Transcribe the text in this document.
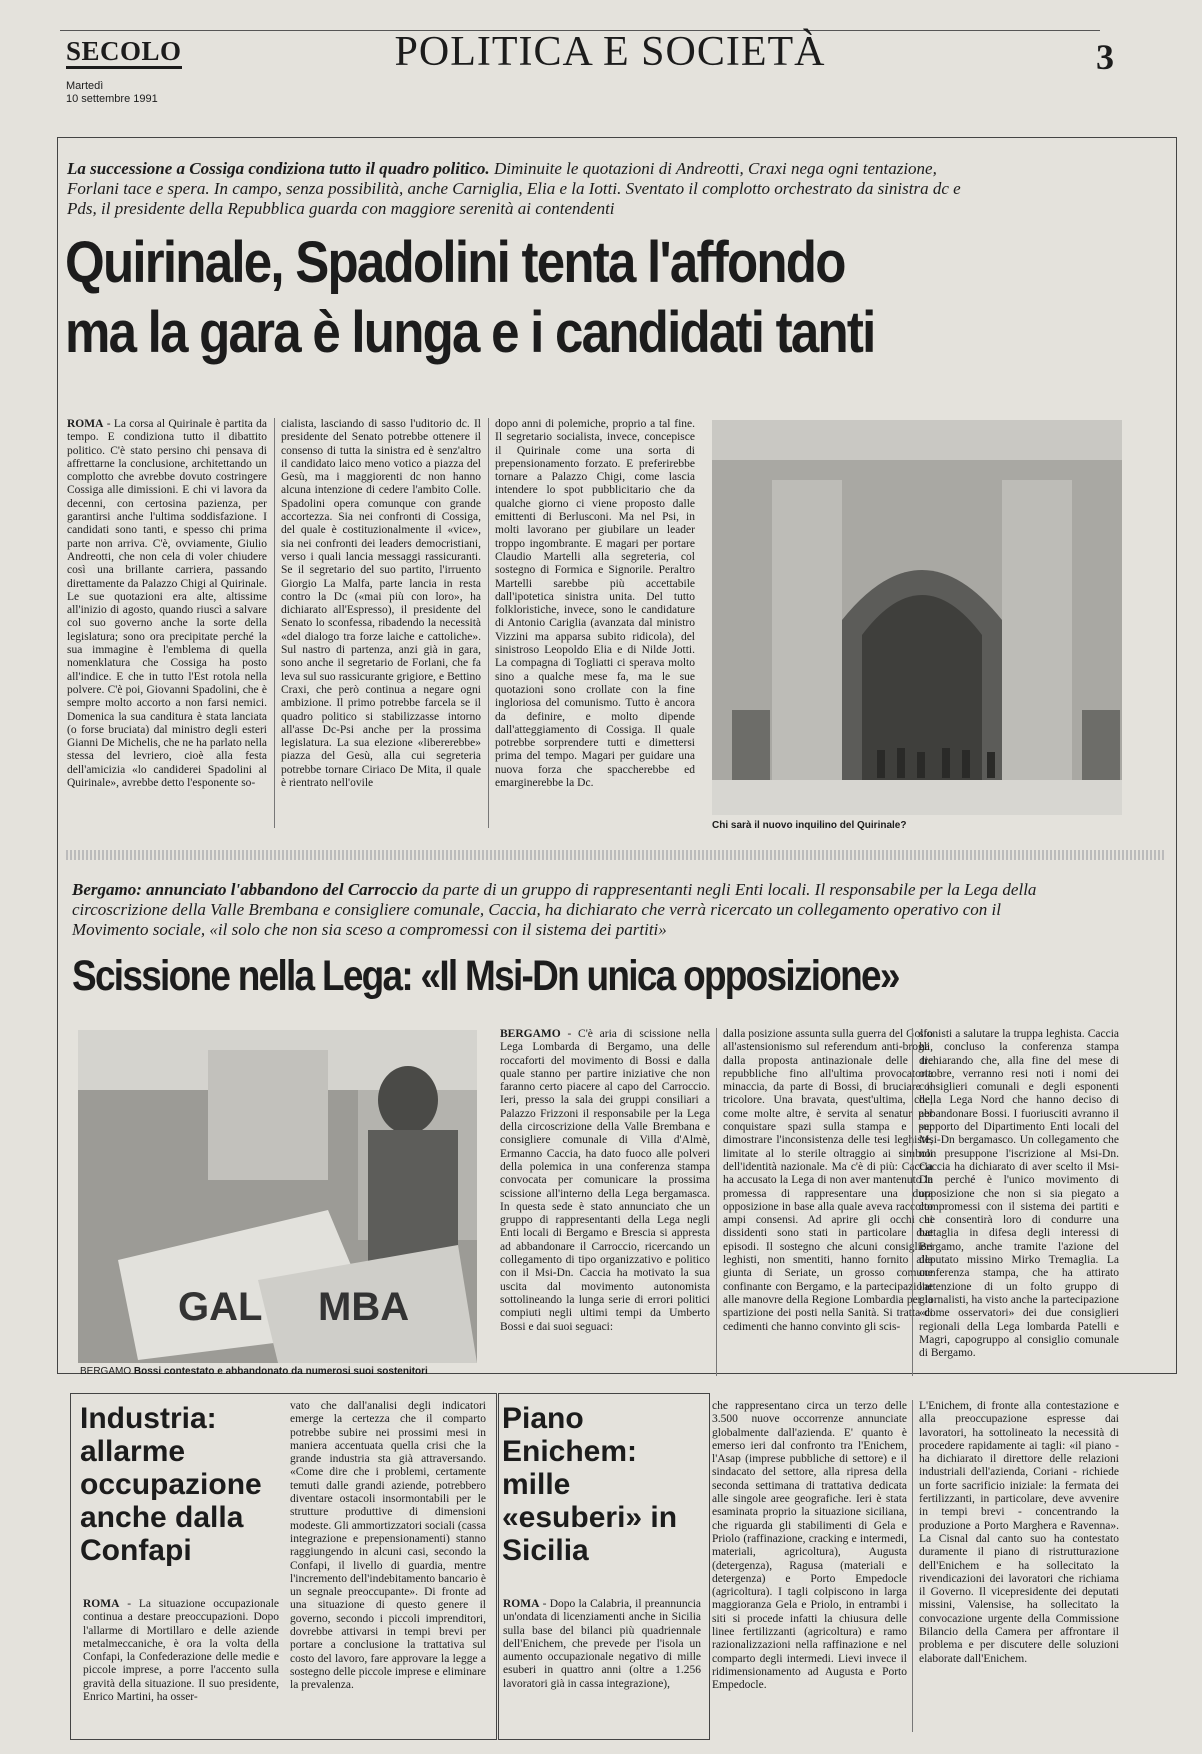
SECOLO
Martedì
10 settembre 1991
POLITICA E SOCIETÀ	3
La successione a Cossiga condiziona tutto il quadro politico. Diminuite le quotazioni di Andreotti, Craxi nega ogni tentazione, Forlani tace e spera. In campo, senza possibilità, anche Carniglia, Elia e la Iotti. Sventato il complotto orchestrato da sinistra dc e Pds, il presidente della Repubblica guarda con maggiore serenità ai contendenti
Quirinale, Spadolini tenta l'affondo
ma la gara è lunga e i candidati tanti

ROMA - La corsa al Quirinale è partita da tempo. E condiziona tutto il dibattito politico. C'è stato persino chi pensava di affrettarne la conclusione, architettando un complotto che avrebbe dovuto costringere Cossiga alle dimissioni. E chi vi lavora da decenni, con certosina pazienza, per garantirsi anche l'ultima soddisfazione. I candidati sono tanti, e spesso chi prima parte non arriva. C'è, ovviamente, Giulio Andreotti, che non cela di voler chiudere così una brillante carriera, passando direttamente da Palazzo Chigi al Quirinale. Le sue quotazioni era alte, altissime all'inizio di agosto, quando riuscì a salvare col suo governo anche la sorte della legislatura; sono ora precipitate perché la sua immagine è l'emblema di quella nomenklatura che Cossiga ha posto all'indice. E che in tutto l'Est rotola nella polvere. C'è poi, Giovanni Spadolini, che è sempre molto accorto a non farsi nemici. Domenica la sua canditura è stata lanciata (o forse bruciata) dal ministro degli esteri Gianni De Michelis, che ne ha parlato nella stessa del levriero, cioè alla festa dell'amicizia «lo candiderei Spadolini al Quirinale», avrebbe detto l'esponente so-

cialista, lasciando di sasso l'uditorio dc. Il presidente del Senato potrebbe ottenere il consenso di tutta la sinistra ed è senz'altro il candidato laico meno votico a piazza del Gesù, ma i maggiorenti dc non hanno alcuna intenzione di cedere l'ambito Colle. Spadolini opera comunque con grande accortezza. Sia nei confronti di Cossiga, del quale è costituzionalmente il «vice», sia nei confronti dei leaders democristiani, verso i quali lancia messaggi rassicuranti. Se il segretario del suo partito, l'irruento Giorgio La Malfa, parte lancia in resta contro la Dc («mai più con loro», ha dichiarato all'Espresso), il presidente del Senato lo sconfessa, ribadendo la necessità «del dialogo tra forze laiche e cattoliche». Sul nastro di partenza, anzi già in gara, sono anche il segretario de Forlani, che fa leva sul suo rassicurante grigiore, e Bettino Craxi, che però continua a negare ogni ambizione. Il primo potrebbe farcela se il quadro politico si stabilizzasse intorno all'asse Dc-Psi anche per la prossima legislatura. La sua elezione «libererebbe» piazza del Gesù, alla cui segreteria potrebbe tornare Ciriaco De Mita, il quale è rientrato nell'ovile

dopo anni di polemiche, proprio a tal fine. Il segretario socialista, invece, concepisce il Quirinale come una sorta di prepensionamento forzato. E preferirebbe tornare a Palazzo Chigi, come lascia intendere lo spot pubblicitario che da qualche giorno ci viene proposto dalle emittenti di Berlusconi. Ma nel Psi, in molti lavorano per giubilare un leader troppo ingombrante. E magari per portare Claudio Martelli alla segreteria, col sostegno di Formica e Signorile. Peraltro Martelli sarebbe più accettabile dall'ipotetica sinistra unita. Del tutto folkloristiche, invece, sono le candidature di Antonio Cariglia (avanzata dal ministro Vizzini ma apparsa subito ridicola), del sinistroso Leopoldo Elia e di Nilde Jotti. La compagna di Togliatti ci sperava molto sino a qualche mese fa, ma le sue quotazioni sono crollate con la fine ingloriosa del comunismo. Tutto è ancora da definire, e molto dipende dall'atteggiamento di Cossiga. Il quale potrebbe sorprendere tutti e dimettersi prima del tempo. Magari per guidare una nuova forza che spaccherebbe ed emarginerebbe la Dc.

Chi sarà il nuovo inquilino del Quirinale?
Bergamo: annunciato l'abbandono del Carroccio da parte di un gruppo di rappresentanti negli Enti locali. Il responsabile per la Lega della circoscrizione della Valle Brembana e consigliere comunale, Caccia, ha dichiarato che verrà ricercato un collegamento operativo con il Movimento sociale, «il solo che non sia sceso a compromessi con il sistema dei partiti»
Scissione nella Lega: «Il Msi-Dn unica opposizione»
GAL MBA
BERGAMO Bossi contestato e abbandonato da numerosi suoi sostenitori

BERGAMO - C'è aria di scissione nella Lega Lombarda di Bergamo, una delle roccaforti del movimento di Bossi e dalla quale stanno per partire iniziative che non faranno certo piacere al capo del Carroccio. Ieri, presso la sala dei gruppi consiliari a Palazzo Frizzoni il responsabile per la Lega della circoscrizione della Valle Brembana e consigliere comunale di Villa d'Almè, Ermanno Caccia, ha dato fuoco alle polveri della polemica in una conferenza stampa convocata per comunicare la prossima scissione all'interno della Lega bergamasca. In questa sede è stato annunciato che un gruppo di rappresentanti della Lega negli Enti locali di Bergamo e Brescia si appresta ad abbandonare il Carroccio, ricercando un collegamento di tipo organizzativo e politico con il Msi-Dn. Caccia ha motivato la sua uscita dal movimento autonomista sottolineando la lunga serie di errori politici compiuti negli ultimi tempi da Umberto Bossi e dai suoi seguaci:

dalla posizione assunta sulla guerra del Golfo all'astensionismo sul referendum anti-brogli, dalla proposta antinazionale delle tre repubbliche fino all'ultima provocatoria minaccia, da parte di Bossi, di bruciare il tricolore. Una bravata, quest'ultima, che, come molte altre, è servita al senatur per conquistare spazi sulla stampa e per dimostrare l'inconsistenza delle tesi leghiste, limitate al lo sterile oltraggio ai simboli dell'identità nazionale. Ma c'è di più: Caccia ha accusato la Lega di non aver mantenuto la promessa di rappresentare una dura opposizione in base alla quale aveva raccolto ampi consensi. Ad aprire gli occhi ai dissidenti sono stati in particolare due episodi. Il sostegno che alcuni consiglieri leghisti, non smentiti, hanno fornito alla giunta di Seriate, un grosso comune confinante con Bergamo, e la partecipazione alle manovre della Regione Lombardia per la spartizione dei posti nella Sanità. Si tratta di cedimenti che hanno convinto gli scis-

sionisti a salutare la truppa leghista. Caccia ha concluso la conferenza stampa dichiarando che, alla fine del mese di ottobre, verranno resi noti i nomi dei consiglieri comunali e degli esponenti della Lega Nord che hanno deciso di abbandonare Bossi. I fuoriusciti avranno il supporto del Dipartimento Enti locali del Msi-Dn bergamasco. Un collegamento che non presuppone l'iscrizione al Msi-Dn. Caccia ha dichiarato di aver scelto il Msi-Dn perché è l'unico movimento di opposizione che non si sia piegato a compromessi con il sistema dei partiti e che consentirà loro di condurre una battaglia in difesa degli interessi di Bergamo, anche tramite l'azione del deputato missino Mirko Tremaglia. La conferenza stampa, che ha attirato l'attenzione di un folto gruppo di giornalisti, ha visto anche la partecipazione «come osservatori» dei due consiglieri regionali della Lega lombarda Patelli e Magri, capogruppo al consiglio comunale di Bergamo.

Industria: allarme occupazione anche dalla Confapi

ROMA - La situazione occupazionale continua a destare preoccupazioni. Dopo l'allarme di Mortillaro e delle aziende metalmeccaniche, è ora la volta della Confapi, la Confederazione delle medie e piccole imprese, a porre l'accento sulla gravità della situazione. Il suo presidente, Enrico Martini, ha osser-

vato che dall'analisi degli indicatori emerge la certezza che il comparto potrebbe subire nei prossimi mesi in maniera accentuata quella crisi che la grande industria sta già attraversando. «Come dire che i problemi, certamente temuti dalle grandi aziende, potrebbero diventare ostacoli insormontabili per le strutture produttive di dimensioni modeste. Gli ammortizzatori sociali (cassa integrazione e prepensionamenti) stanno raggiungendo in alcuni casi, secondo la Confapi, il livello di guardia, mentre l'incremento dell'indebitamento bancario è un segnale preoccupante». Di fronte ad una situazione di questo genere il governo, secondo i piccoli imprenditori, dovrebbe attivarsi in tempi brevi per portare a conclusione la trattativa sul costo del lavoro, fare approvare la legge a sostegno delle piccole imprese e eliminare la prevalenza.

Piano Enichem: mille «esuberi» in Sicilia

ROMA - Dopo la Calabria, il preannuncia un'ondata di licenziamenti anche in Sicilia sulla base del bilanci più quadriennale dell'Enichem, che prevede per l'isola un aumento occupazionale negativo di mille esuberi in quattro anni (oltre a 1.256 lavoratori già in cassa integrazione),

che rappresentano circa un terzo delle 3.500 nuove occorrenze annunciate globalmente dall'azienda. E' quanto è emerso ieri dal confronto tra l'Enichem, l'Asap (imprese pubbliche di settore) e il sindacato del settore, alla ripresa della seconda settimana di trattativa dedicata alle singole aree geografiche. Ieri è stata esaminata proprio la situazione siciliana, che riguarda gli stabilimenti di Gela e Priolo (raffinazione, cracking e intermedi, materiali, agricoltura), Augusta (detergenza), Ragusa (materiali e detergenza) e Porto Empedocle (agricoltura). I tagli colpiscono in larga maggioranza Gela e Priolo, in entrambi i siti si procede infatti la chiusura delle linee fertilizzanti (agricoltura) e ramo razionalizzazioni nella raffinazione e nel comparto degli intermedi. Lievi invece il ridimensionamento ad Augusta e Porto Empedocle.

L'Enichem, di fronte alla contestazione e alla preoccupazione espresse dai lavoratori, ha sottolineato la necessità di procedere rapidamente ai tagli: «il piano - ha dichiarato il direttore delle relazioni industriali dell'azienda, Coriani - richiede un forte sacrificio iniziale: la fermata dei fertilizzanti, in particolare, deve avvenire in tempi brevi - concentrando la produzione a Porto Marghera e Ravenna». La Cisnal dal canto suo ha contestato duramente il piano di ristrutturazione dell'Enichem e ha sollecitato la rivendicazioni dei lavoratori che richiama il Governo. Il vicepresidente dei deputati missini, Valensise, ha sollecitato la convocazione urgente della Commissione Bilancio della Camera per affrontare il problema e per discutere delle soluzioni elaborate dall'Enichem.
